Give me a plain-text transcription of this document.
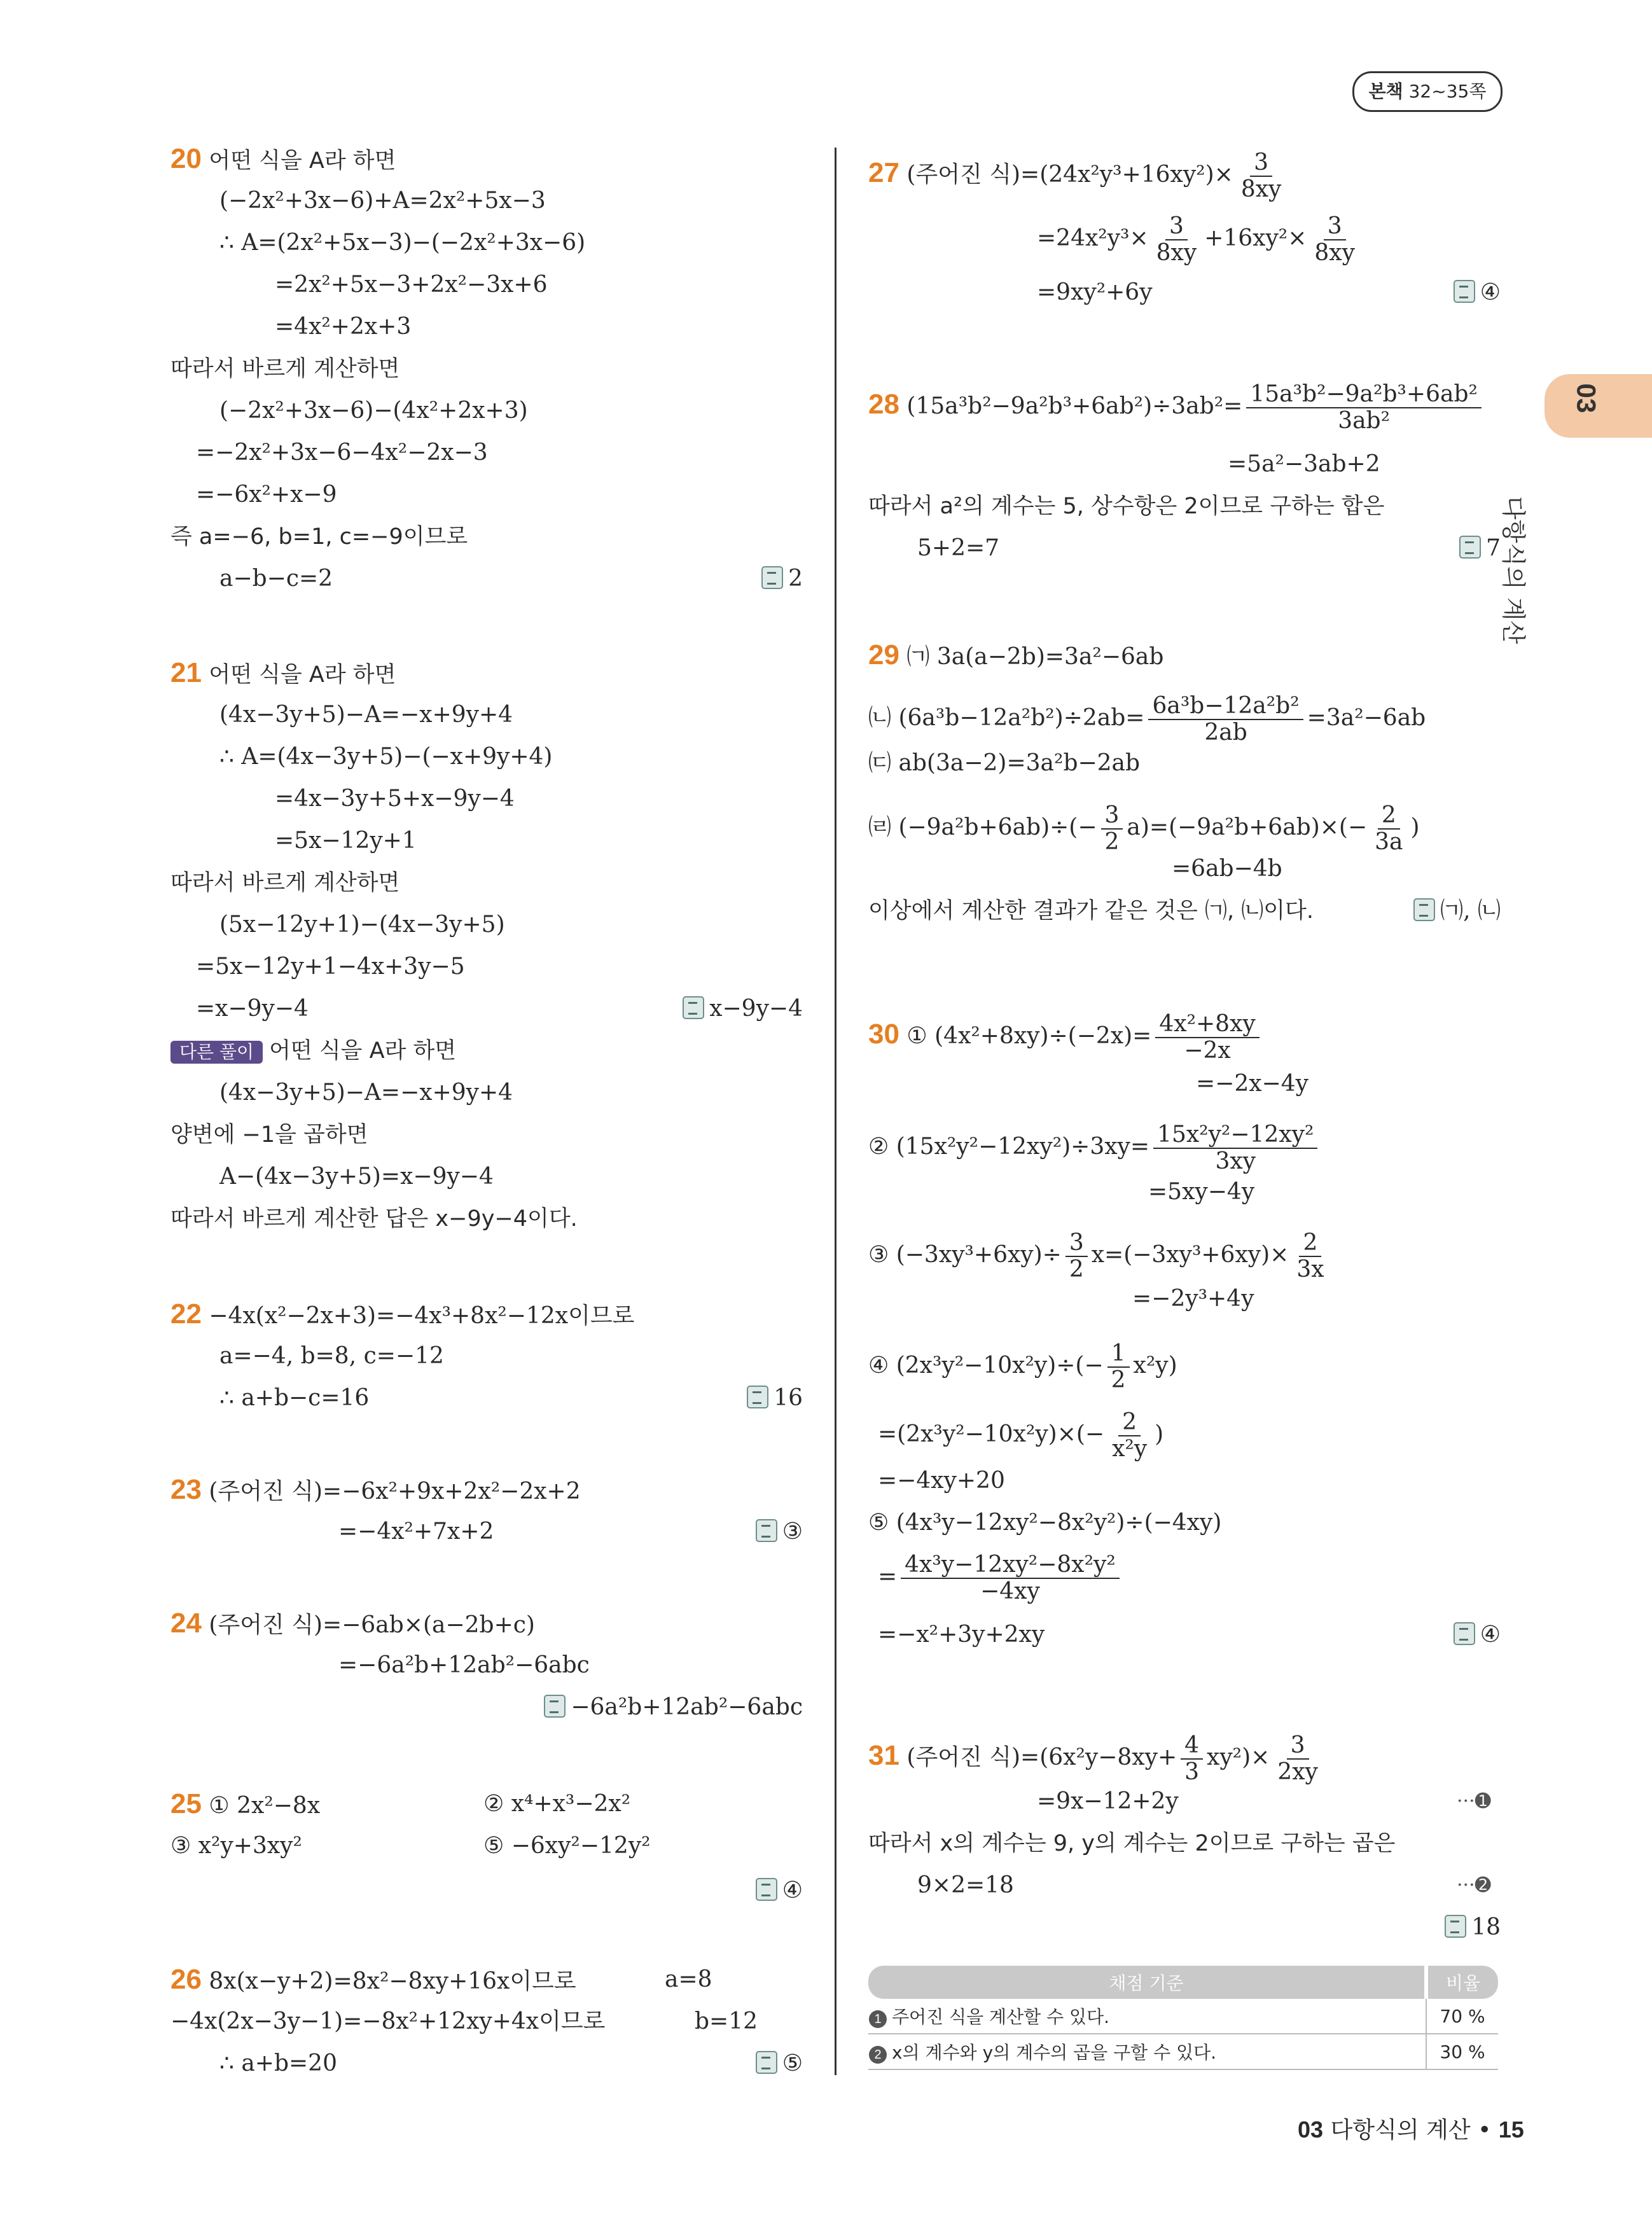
본책 32~35쪽
03
다항식의 계산
20 어떤 식을 A라 하면
(−2x²+3x−6)+A=2x²+5x−3
∴ A=(2x²+5x−3)−(−2x²+3x−6)
=2x²+5x−3+2x²−3x+6
=4x²+2x+3
따라서 바르게 계산하면
(−2x²+3x−6)−(4x²+2x+3)
=−2x²+3x−6−4x²−2x−3
=−6x²+x−9
즉 a=−6, b=1, c=−9이므로
a−b−c=2	2
21 어떤 식을 A라 하면
(4x−3y+5)−A=−x+9y+4
∴ A=(4x−3y+5)−(−x+9y+4)
=4x−3y+5+x−9y−4
=5x−12y+1
따라서 바르게 계산하면
(5x−12y+1)−(4x−3y+5)
=5x−12y+1−4x+3y−5
=x−9y−4	x−9y−4
다른 풀이 어떤 식을 A라 하면
(4x−3y+5)−A=−x+9y+4
양변에 −1을 곱하면
A−(4x−3y+5)=x−9y−4
따라서 바르게 계산한 답은 x−9y−4이다.
22 −4x(x²−2x+3)=−4x³+8x²−12x이므로
a=−4, b=8, c=−12
∴ a+b−c=16	16
23 (주어진 식)=−6x²+9x+2x²−2x+2
=−4x²+7x+2	③
24 (주어진 식)=−6ab×(a−2b+c)
=−6a²b+12ab²−6abc
−6a²b+12ab²−6abc
25 ① 2x²−8x	② x⁴+x³−2x²
③ x²y+3xy²	⑤ −6xy²−12y²
④
26 8x(x−y+2)=8x²−8xy+16x이므로	a=8
−4x(2x−3y−1)=−8x²+12xy+4x이므로	b=12
∴ a+b=20	⑤
27 (주어진 식)$=(24x^2y^3+16xy^2)\times \frac{3}{8xy}$
$=24x^2y^3\times \frac{3}{8xy} +16xy^2\times \frac{3}{8xy}$
=9xy²+6y	④
28 $(15a^3b^2-9a^2b^3+6ab^2)\div 3ab^2= \frac{\text{15a³b²−9a²b³+6ab²}}{\text{3ab²}}$
=5a²−3ab+2
따라서 a²의 계수는 5, 상수항은 2이므로 구하는 합은
5+2=7	7
29 ㈀ 3a(a−2b)=3a²−6ab
㈁ $(6a^3b-12a^2b^2)\div 2ab= \frac{\text{6a³b−12a²b²}}{2ab} =3a^2-6ab$
㈂ ab(3a−2)=3a²b−2ab
㈃ $(-9a^2b+6ab)\div(- \frac{3}{2} a)=(-9a^2b+6ab)\times(- \frac{2}{3a}$ )
=6ab−4b
이상에서 계산한 결과가 같은 것은 ㈀, ㈁이다.	㈀, ㈁
30 ① $(4x^2+8xy)\div(-2x)= \frac{\text{4x²+8xy}}{-2x}$
=−2x−4y
② $(15x^2y^2-12xy^2)\div 3xy= \frac{\text{15x²y²−12xy²}}{3xy}$
=5xy−4y
③ $(-3xy^3+6xy)\div \frac{3}{2} x=(-3xy^3+6xy)\times \frac{2}{3x}$
=−2y³+4y
④ $(2x^3y^2-10x^2y)\div(- \frac{1}{2} x^2y)$
$=(2x^3y^2-10x^2y)\times(- \frac{2}{\text{x²y}}$ )
=−4xy+20
⑤ (4x³y−12xy²−8x²y²)÷(−4xy)
= $\frac{\text{4x³y−12xy²−8x²y²}}{-4xy}$
=−x²+3y+2xy	④
31 (주어진 식)$=(6x^2y-8xy+ \frac{4}{3} xy^2)\times \frac{3}{2xy}$
=9x−12+2y	···➊
따라서 x의 계수는 9, y의 계수는 2이므로 구하는 곱은
9×2=18	···➋
18
채점 기준	비율
1 주어진 식을 계산할 수 있다.	70 %
2 x의 계수와 y의 계수의 곱을 구할 수 있다.	30 %
03 다항식의 계산 • 15
